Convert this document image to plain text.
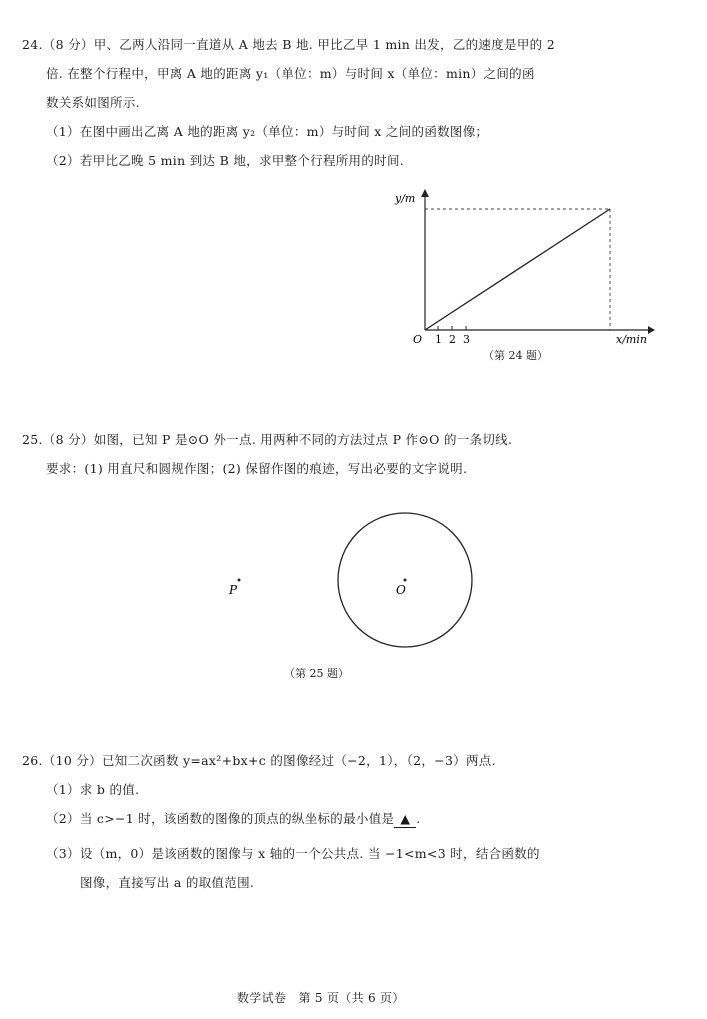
24.（8 分）甲、乙两人沿同一直道从 A 地去 B 地. 甲比乙早 1 min 出发，乙的速度是甲的 2
倍. 在整个行程中，甲离 A 地的距离 y₁（单位：m）与时间 x（单位：min）之间的函
数关系如图所示.
（1）在图中画出乙离 A 地的距离 y₂（单位：m）与时间 x 之间的函数图像；
（2）若甲比乙晚 5 min 到达 B 地，求甲整个行程所用的时间.
y/m
x/min
O 1 2 3
（第 24 题）
25.（8 分）如图，已知 P 是⊙O 外一点. 用两种不同的方法过点 P 作⊙O 的一条切线.
要求：(1) 用直尺和圆规作图；(2) 保留作图的痕迹，写出必要的文字说明.
O
P
（第 25 题）
26.（10 分）已知二次函数 y=ax²+bx+c 的图像经过（−2，1），（2，−3）两点.
（1）求 b 的值.
（2）当 c>−1 时，该函数的图像的顶点的纵坐标的最小值是 ▲ .
（3）设（m，0）是该函数的图像与 x 轴的一个公共点. 当 −1<m<3 时，结合函数的
图像，直接写出 a 的取值范围.
数学试卷　第 5 页（共 6 页）
